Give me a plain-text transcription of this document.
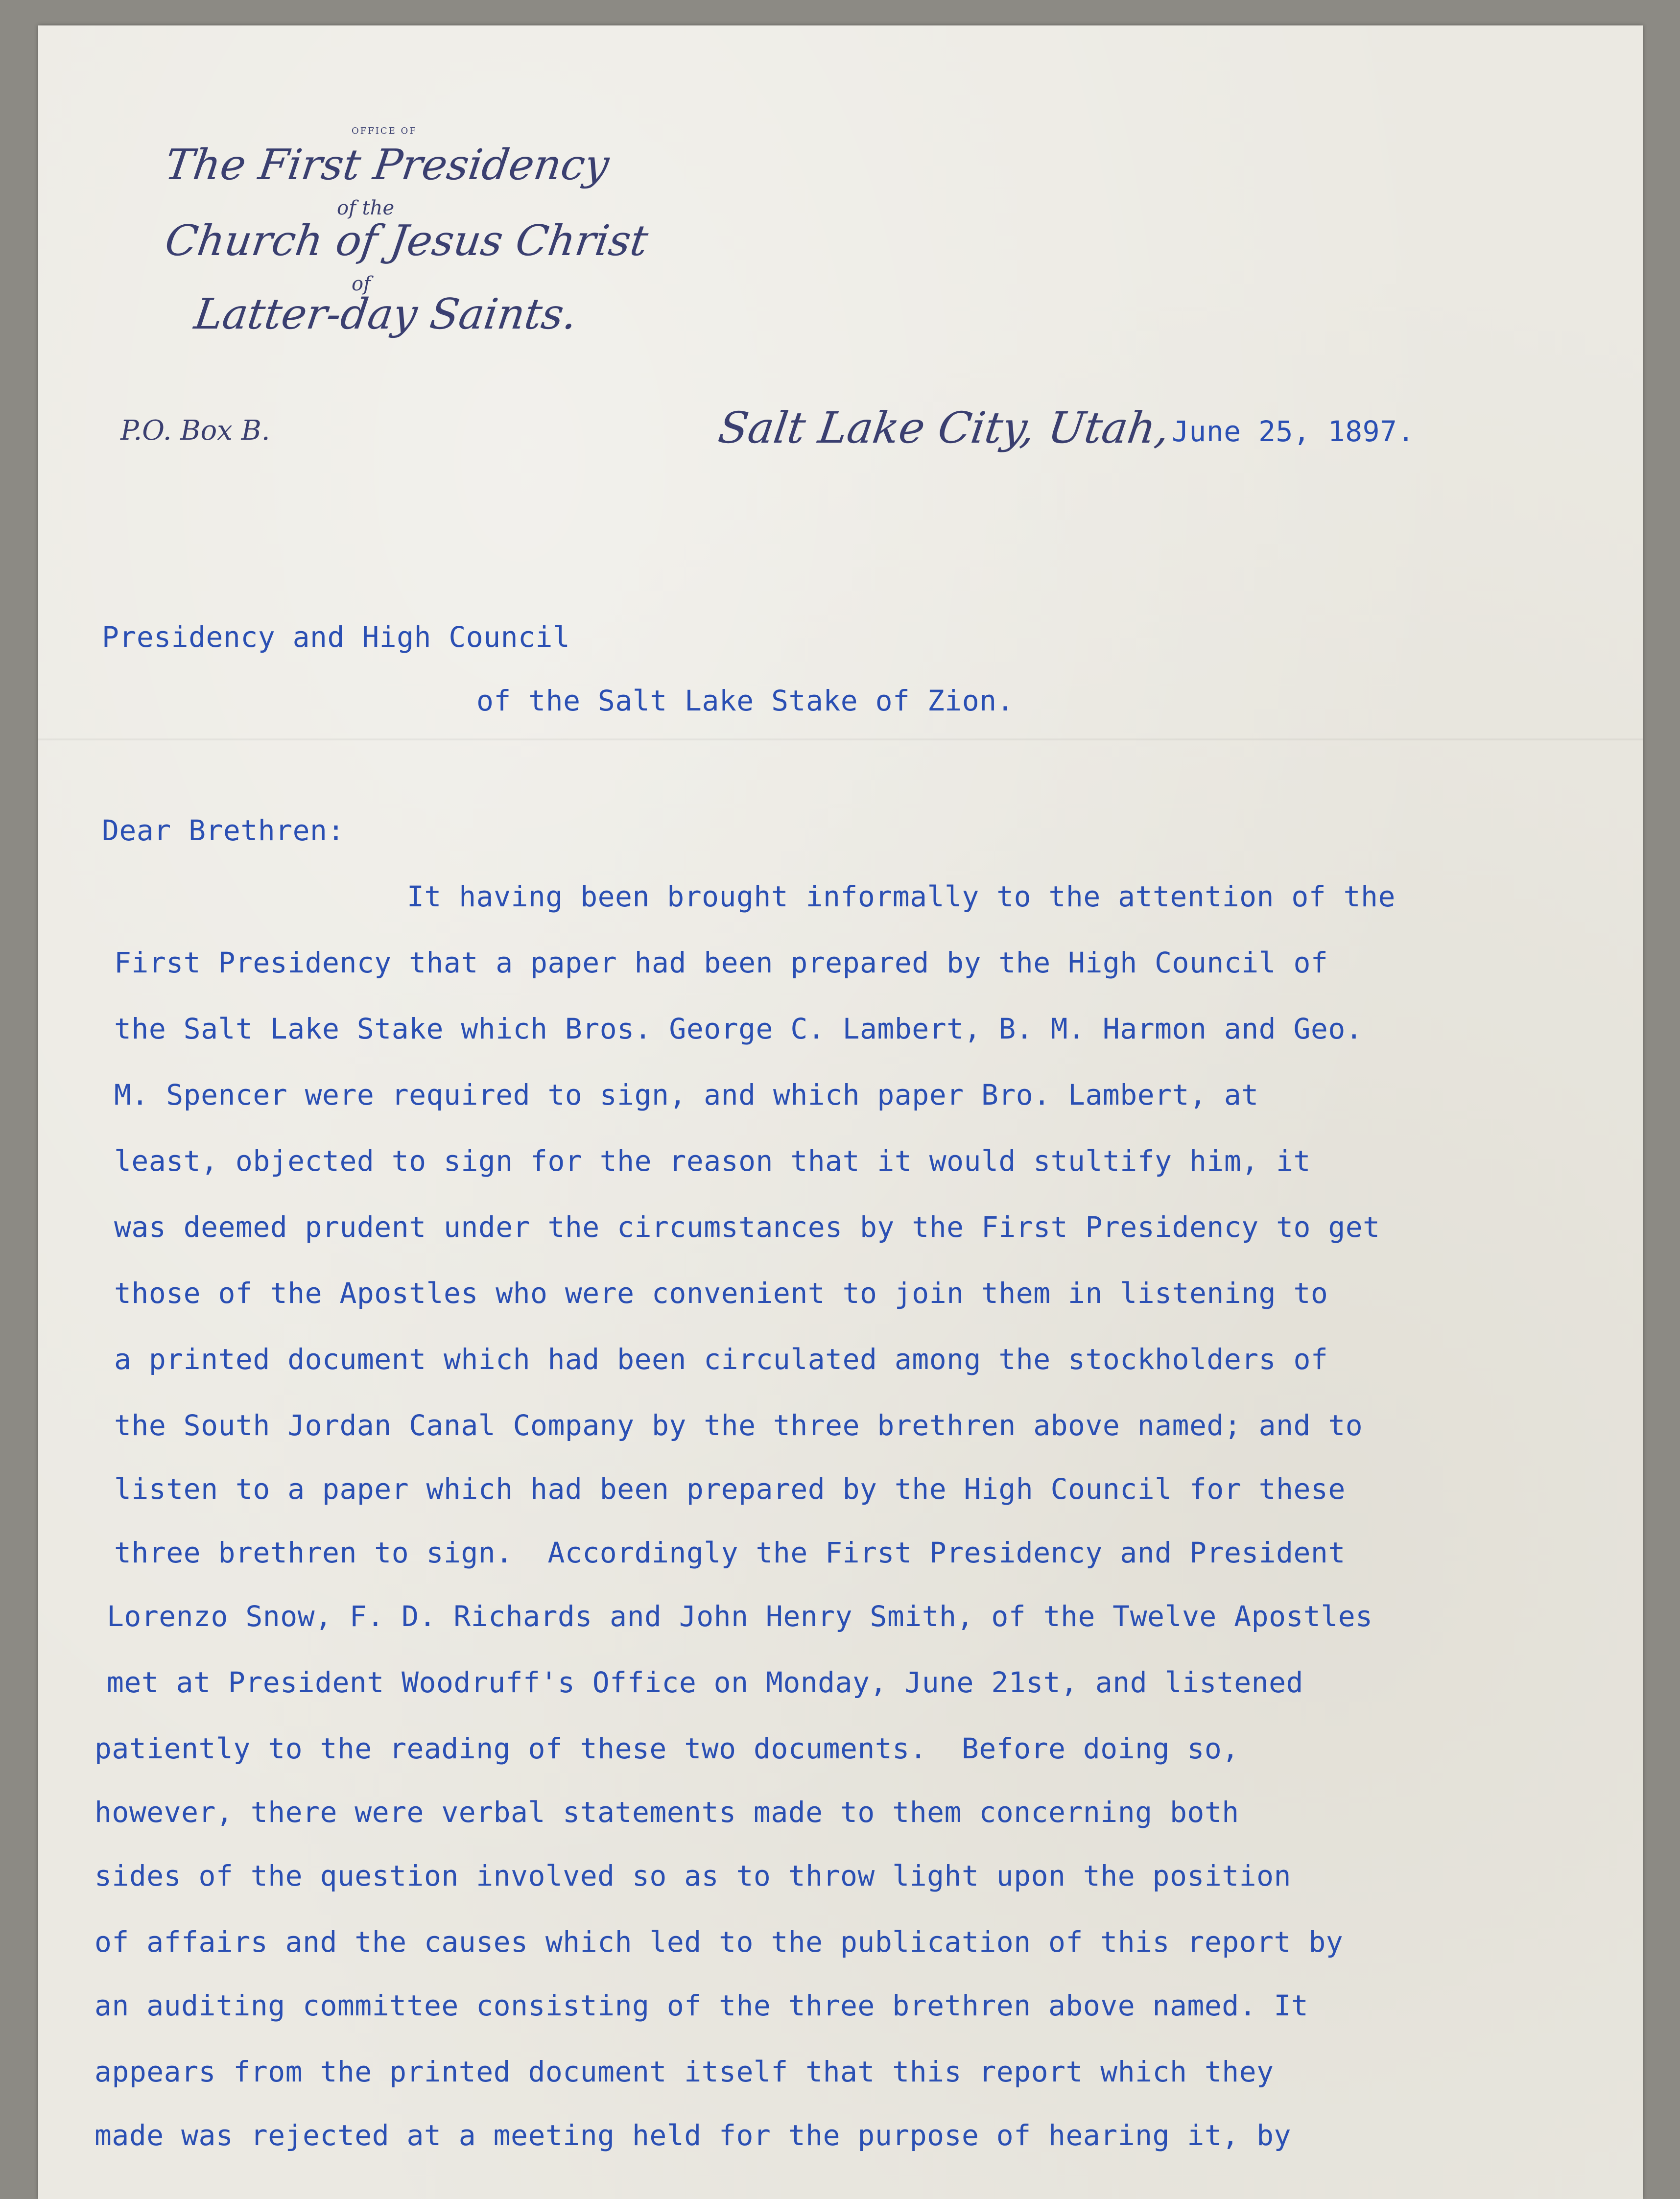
OFFICE OF
The First Presidency
of the
Church of Jesus Christ
of
Latter-day Saints.
P.O. Box B.	Salt Lake City, Utah,
June 25, 1897.
Presidency and High Council
of the Salt Lake Stake of Zion.
Dear Brethren:
It having been brought informally to the attention of the
First Presidency that a paper had been prepared by the High Council of
the Salt Lake Stake which Bros. George C. Lambert, B. M. Harmon and Geo.
M. Spencer were required to sign, and which paper Bro. Lambert, at
least, objected to sign for the reason that it would stultify him, it
was deemed prudent under the circumstances by the First Presidency to get
those of the Apostles who were convenient to join them in listening to
a printed document which had been circulated among the stockholders of
the South Jordan Canal Company by the three brethren above named; and to
listen to a paper which had been prepared by the High Council for these
three brethren to sign.  Accordingly the First Presidency and President
Lorenzo Snow, F. D. Richards and John Henry Smith, of the Twelve Apostles
met at President Woodruff's Office on Monday, June 21st, and listened
patiently to the reading of these two documents.  Before doing so,
however, there were verbal statements made to them concerning both
sides of the question involved so as to throw light upon the position
of affairs and the causes which led to the publication of this report by
an auditing committee consisting of the three brethren above named. It
appears from the printed document itself that this report which they
made was rejected at a meeting held for the purpose of hearing it, by
